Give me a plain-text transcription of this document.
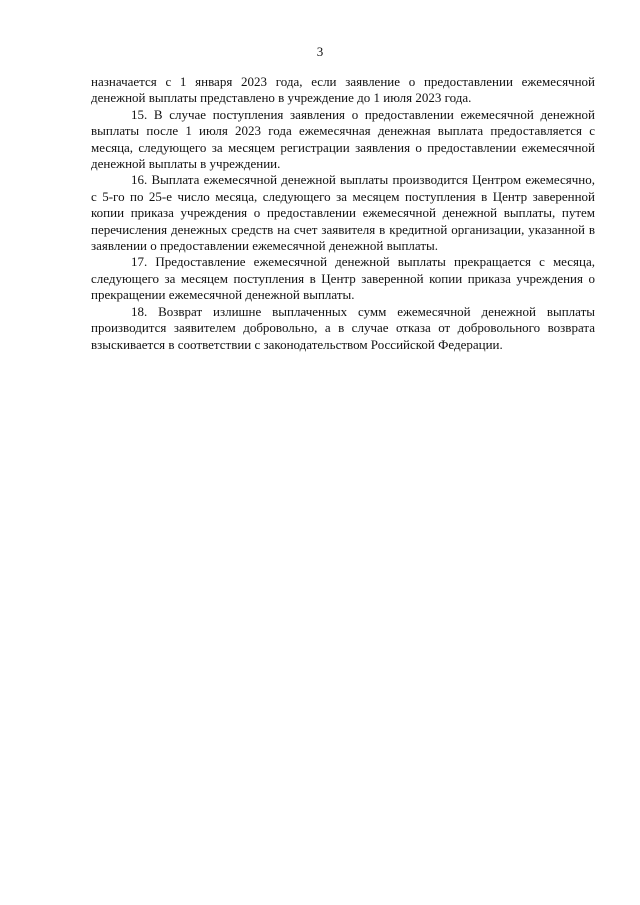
3

назначается с 1 января 2023 года, если заявление о предоставлении ежемесячной денежной выплаты представлено в учреждение до 1 июля 2023 года.

15. В случае поступления заявления о предоставлении ежемесячной денежной выплаты после 1 июля 2023 года ежемесячная денежная выплата предоставляется с месяца, следующего за месяцем регистрации заявления о предоставлении ежемесячной денежной выплаты в учреждении.

16. Выплата ежемесячной денежной выплаты производится Центром ежемесячно, с 5-го по 25-е число месяца, следующего за месяцем поступления в Центр заверенной копии приказа учреждения о предоставлении ежемесячной денежной выплаты, путем перечисления денежных средств на счет заявителя в кредитной организации, указанной в заявлении о предоставлении ежемесячной денежной выплаты.

17. Предоставление ежемесячной денежной выплаты прекращается с месяца, следующего за месяцем поступления в Центр заверенной копии приказа учреждения о прекращении ежемесячной денежной выплаты.

18. Возврат излишне выплаченных сумм ежемесячной денежной выплаты производится заявителем добровольно, а в случае отказа от добровольного возврата взыскивается в соответствии с законодательством Российской Федерации.
